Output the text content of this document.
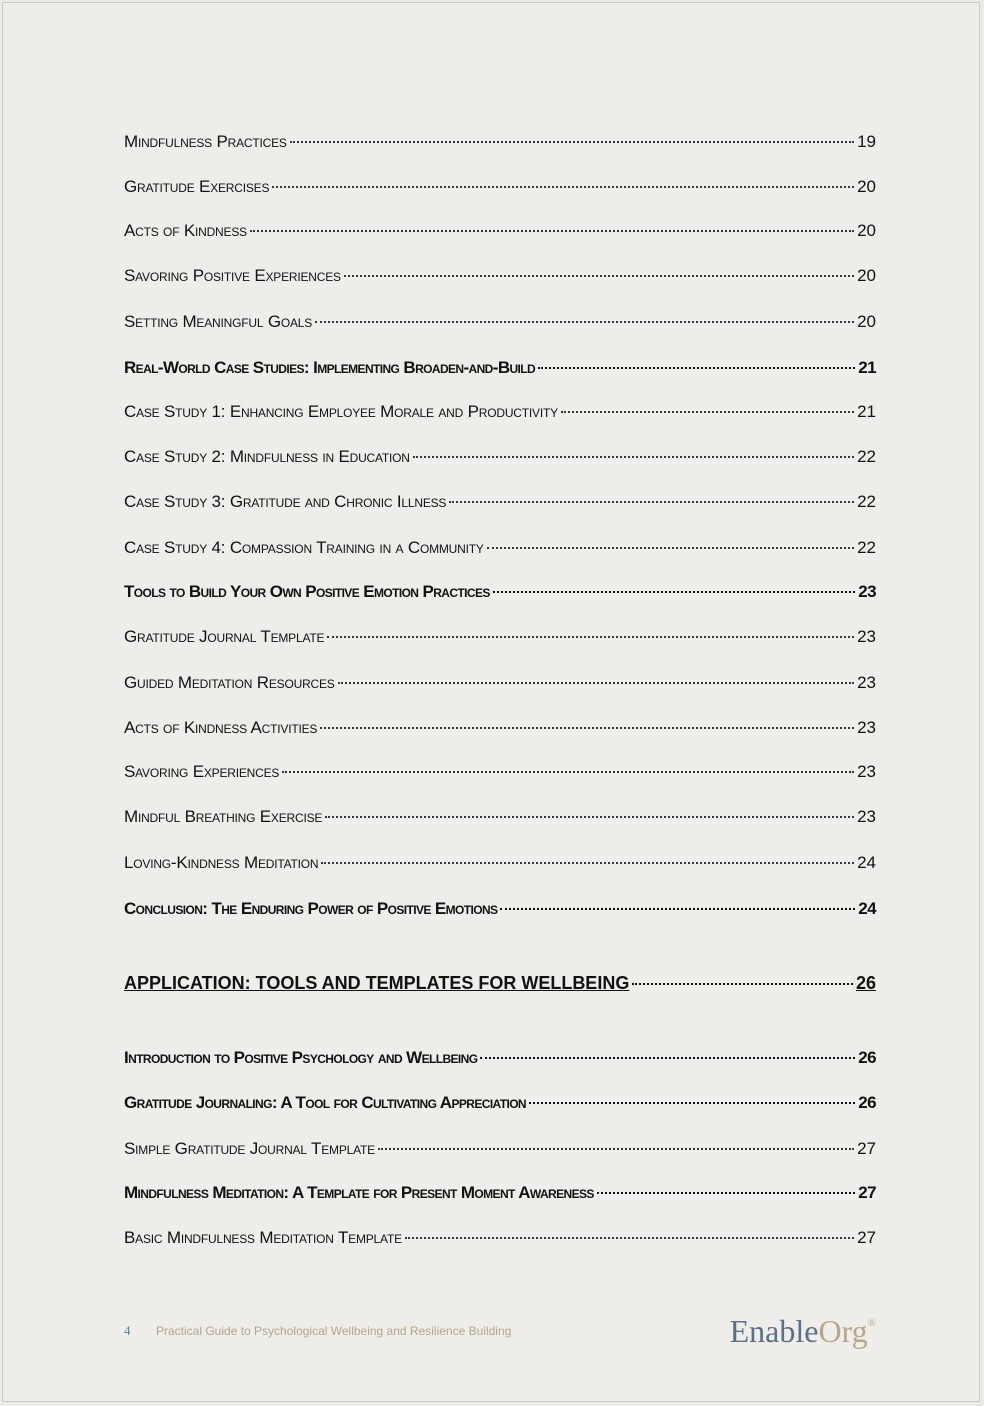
Mindfulness Practices	19
Gratitude Exercises	20
Acts of Kindness	20
Savoring Positive Experiences	20
Setting Meaningful Goals	20
Real-World Case Studies: Implementing Broaden-and-Build	21
Case Study 1: Enhancing Employee Morale and Productivity	21
Case Study 2: Mindfulness in Education	22
Case Study 3: Gratitude and Chronic Illness	22
Case Study 4: Compassion Training in a Community	22
Tools to Build Your Own Positive Emotion Practices	23
Gratitude Journal Template	23
Guided Meditation Resources	23
Acts of Kindness Activities	23
Savoring Experiences	23
Mindful Breathing Exercise	23
Loving-Kindness Meditation	24
Conclusion: The Enduring Power of Positive Emotions	24
APPLICATION: TOOLS AND TEMPLATES FOR WELLBEING	26
Introduction to Positive Psychology and Wellbeing	26
Gratitude Journaling: A Tool for Cultivating Appreciation	26
Simple Gratitude Journal Template	27
Mindfulness Meditation: A Template for Present Moment Awareness	27
Basic Mindfulness Meditation Template	27
4 Practical Guide to Psychological Wellbeing and Resilience Building	EnableOrg®
